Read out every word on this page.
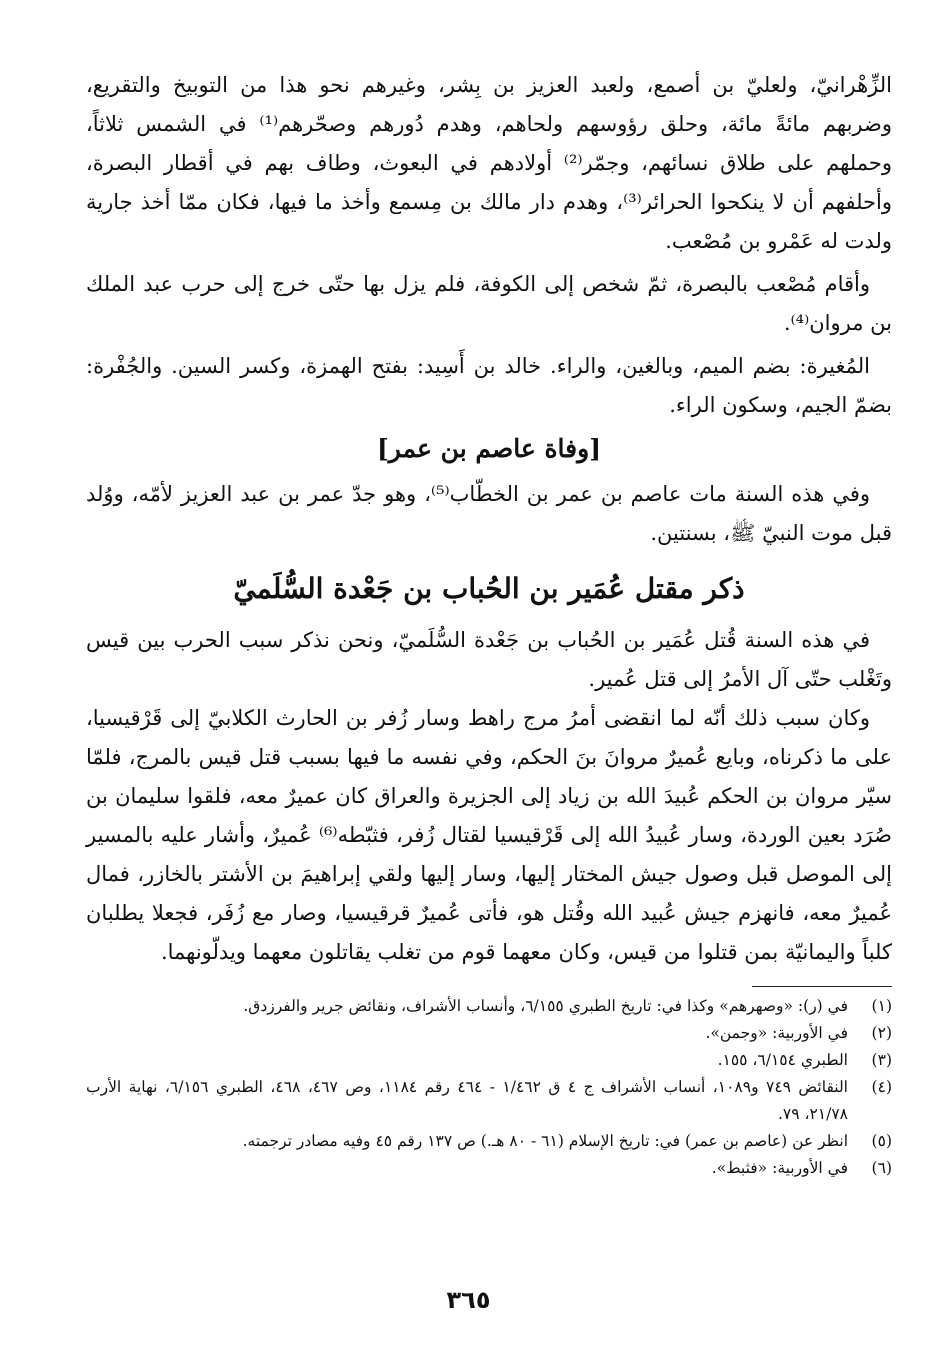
الزِّهْرانيّ، ولعليّ بن أصمع، ولعبد العزيز بن بِشر، وغيرهم نحو هذا من التوبيخ والتقريع، وضربهم مائةً مائة، وحلق رؤوسهم ولحاهم، وهدم دُورهم وصحّرهم⁽¹⁾ في الشمس ثلاثاً، وحملهم على طلاق نسائهم، وجمّر⁽²⁾ أولادهم في البعوث، وطاف بهم في أقطار البصرة، وأحلفهم أن لا ينكحوا الحرائر⁽³⁾، وهدم دار مالك بن مِسمع وأخذ ما فيها، فكان ممّا أخذ جارية ولدت له عَمْرو بن مُصْعب.

وأقام مُصْعب بالبصرة، ثمّ شخص إلى الكوفة، فلم يزل بها حتّى خرج إلى حرب عبد الملك بن مروان⁽⁴⁾.

المُغيرة: بضم الميم، وبالغين، والراء. خالد بن أَسِيد: بفتح الهمزة، وكسر السين. والجُفْرة: بضمّ الجيم، وسكون الراء.

[وفاة عاصم بن عمر]

وفي هذه السنة مات عاصم بن عمر بن الخطّاب⁽⁵⁾، وهو جدّ عمر بن عبد العزيز لأمّه، ووُلد قبل موت النبيّ ﷺ، بسنتين.

ذكر مقتل عُمَير بن الحُباب بن جَعْدة السُّلَميّ

في هذه السنة قُتل عُمَير بن الحُباب بن جَعْدة السُّلَميّ، ونحن نذكر سبب الحرب بين قيس وتَغْلب حتّى آل الأمرُ إلى قتل عُمير.

وكان سبب ذلك أنّه لما انقضى أمرُ مرج راهط وسار زُفر بن الحارث الكلابيّ إلى قَرْقيسيا، على ما ذكرناه، وبايع عُميرٌ مروانَ بنَ الحكم، وفي نفسه ما فيها بسبب قتل قيس بالمرج، فلمّا سيّر مروان بن الحكم عُبيدَ الله بن زياد إلى الجزيرة والعراق كان عميرٌ معه، فلقوا سليمان بن صُرَد بعين الوردة، وسار عُبيدُ الله إلى قَرْقيسيا لقتال زُفر، فثبّطه⁽⁶⁾ عُميرٌ، وأشار عليه بالمسير إلى الموصل قبل وصول جيش المختار إليها، وسار إليها ولقي إبراهيمَ بن الأشتر بالخازر، فمال عُميرٌ معه، فانهزم جيش عُبيد الله وقُتل هو، فأتى عُميرٌ قرقيسيا، وصار مع زُفَر، فجعلا يطلبان كلباً واليمانيّة بمن قتلوا من قيس، وكان معهما قوم من تغلب يقاتلون معهما ويدلّونهما.

(١)
في (ر): «وصهرهم» وكذا في: تاريخ الطبري ٦/١٥٥، وأنساب الأشراف، ونقائض جرير والفرزدق.
(٢)
في الأوربية: «وجمن».
(٣)
الطبري ٦/١٥٤، ١٥٥.
(٤)
النقائض ٧٤٩ و١٠٨٩، أنساب الأشراف ج ٤ ق ١/٤٦٢ - ٤٦٤ رقم ١١٨٤، وص ٤٦٧، ٤٦٨، الطبري ٦/١٥٦، نهاية الأرب ٢١/٧٨، ٧٩.
(٥)
انظر عن (عاصم بن عمر) في: تاريخ الإسلام (٦١ - ٨٠ هـ.) ص ١٣٧ رقم ٤٥ وفيه مصادر ترجمته.
(٦)
في الأوربية: «فثبط».
٣٦٥
